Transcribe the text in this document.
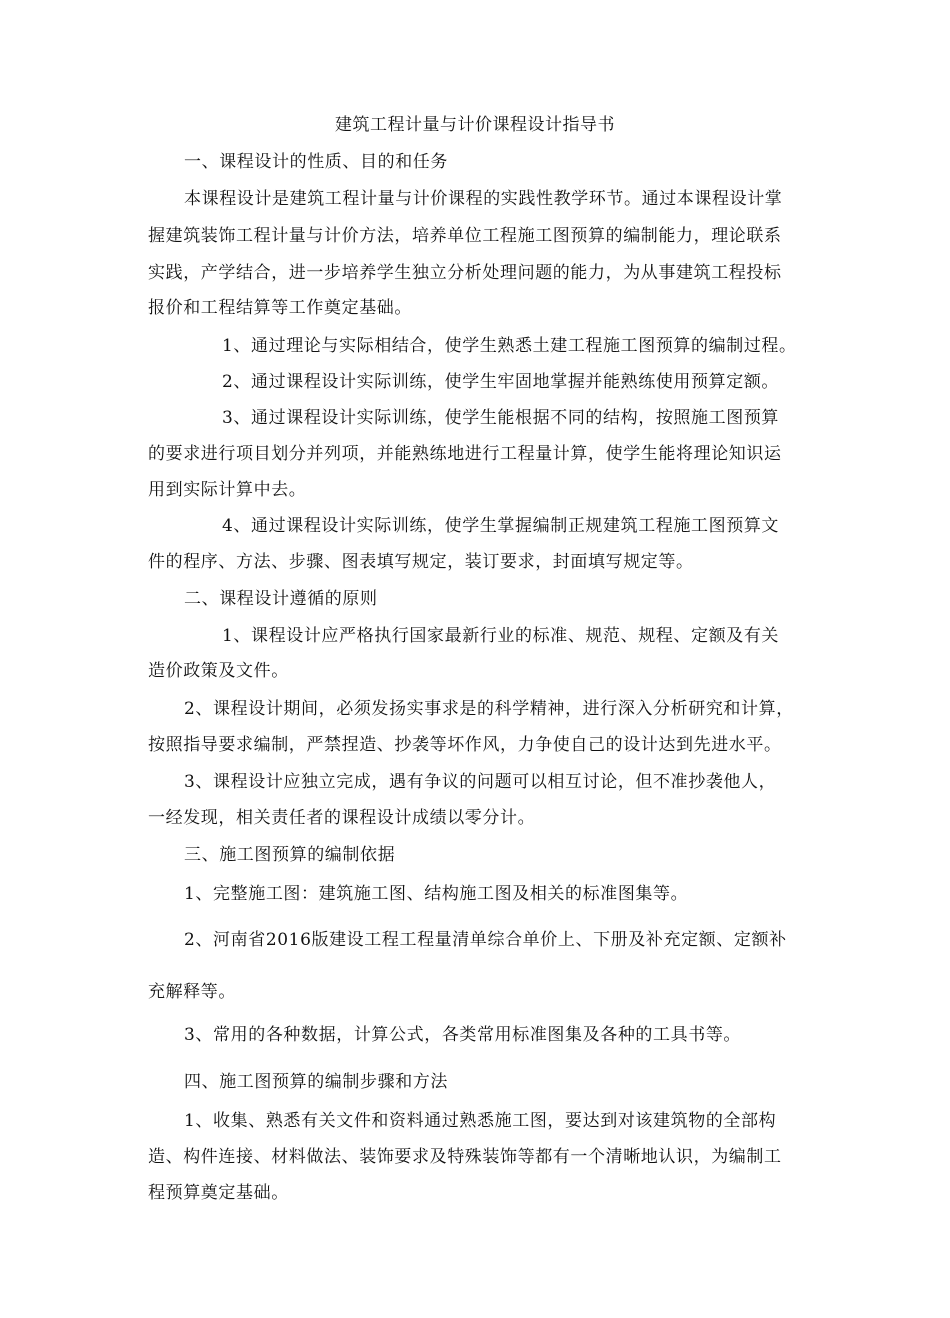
建筑工程计量与计价课程设计指导书
一、课程设计的性质、目的和任务
本课程设计是建筑工程计量与计价课程的实践性教学环节。通过本课程设计掌
握建筑装饰工程计量与计价方法，培养单位工程施工图预算的编制能力，理论联系
实践，产学结合，进一步培养学生独立分析处理问题的能力，为从事建筑工程投标
报价和工程结算等工作奠定基础。
1、通过理论与实际相结合，使学生熟悉土建工程施工图预算的编制过程。
2、通过课程设计实际训练，使学生牢固地掌握并能熟练使用预算定额。
3、通过课程设计实际训练，使学生能根据不同的结构，按照施工图预算
的要求进行项目划分并列项，并能熟练地进行工程量计算，使学生能将理论知识运
用到实际计算中去。
4、通过课程设计实际训练，使学生掌握编制正规建筑工程施工图预算文
件的程序、方法、步骤、图表填写规定，装订要求，封面填写规定等。
二、课程设计遵循的原则
1、课程设计应严格执行国家最新行业的标准、规范、规程、定额及有关
造价政策及文件。
2、课程设计期间，必须发扬实事求是的科学精神，进行深入分析研究和计算，
按照指导要求编制，严禁捏造、抄袭等坏作风，力争使自己的设计达到先进水平。
3、课程设计应独立完成，遇有争议的问题可以相互讨论，但不准抄袭他人，
一经发现，相关责任者的课程设计成绩以零分计。
三、施工图预算的编制依据
1、完整施工图：建筑施工图、结构施工图及相关的标准图集等。
2、河南省2016版建设工程工程量清单综合单价上、下册及补充定额、定额补
充解释等。
3、常用的各种数据，计算公式，各类常用标准图集及各种的工具书等。
四、施工图预算的编制步骤和方法
1、收集、熟悉有关文件和资料通过熟悉施工图，要达到对该建筑物的全部构
造、构件连接、材料做法、装饰要求及特殊装饰等都有一个清晰地认识，为编制工
程预算奠定基础。
